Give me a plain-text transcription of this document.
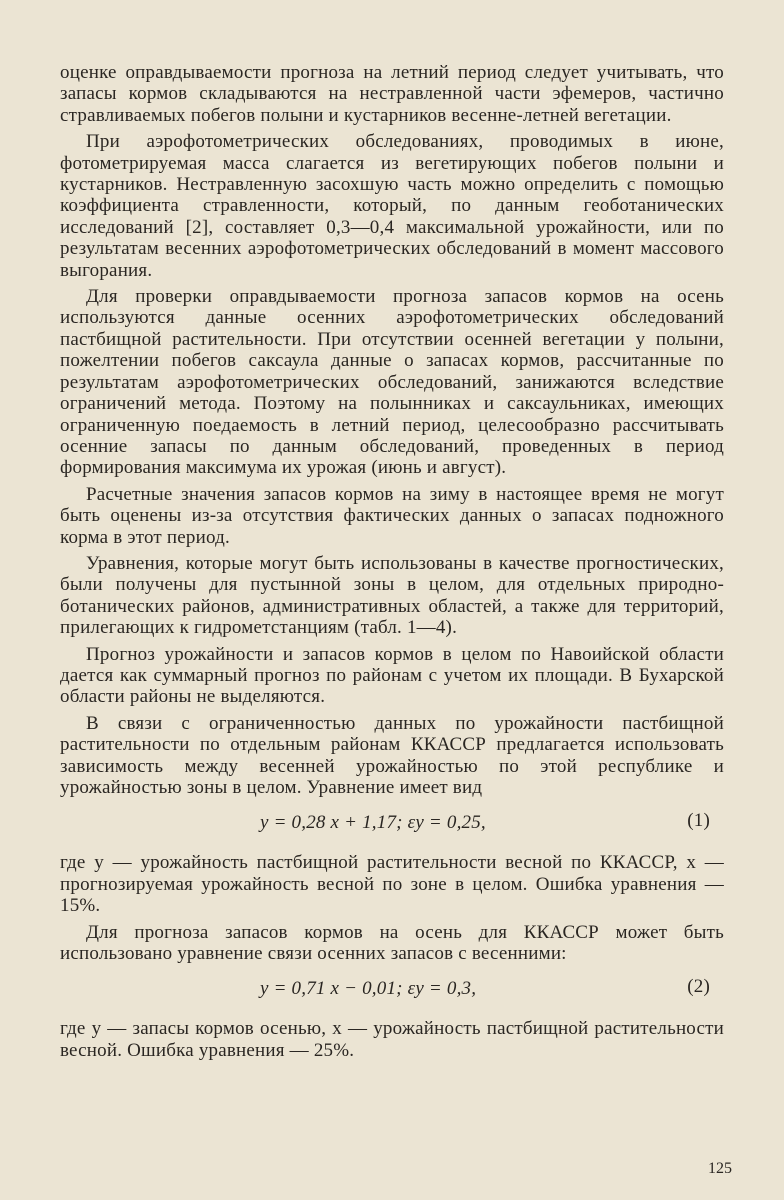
оценке оправдываемости прогноза на летний период следует учитывать, что запасы кормов складываются на нестравленной части эфемеров, частично стравливаемых побегов полыни и кустарников весенне-летней вегетации.

При аэрофотометрических обследованиях, проводимых в июне, фотометрируемая масса слагается из вегетирующих побегов полыни и кустарников. Нестравленную засохшую часть можно определить с помощью коэффициента стравленности, который, по данным геоботанических исследований [2], составляет 0,3—0,4 максимальной урожайности, или по результатам весенних аэрофотометрических обследований в момент массового выгорания.

Для проверки оправдываемости прогноза запасов кормов на осень используются данные осенних аэрофотометрических обследований пастбищной растительности. При отсутствии осенней вегетации у полыни, пожелтении побегов саксаула данные о запасах кормов, рассчитанные по результатам аэрофотометрических обследований, занижаются вследствие ограничений метода. Поэтому на полынниках и саксаульниках, имеющих ограниченную поедаемость в летний период, целесообразно рассчитывать осенние запасы по данным обследований, проведенных в период формирования максимума их урожая (июнь и август).

Расчетные значения запасов кормов на зиму в настоящее время не могут быть оценены из-за отсутствия фактических данных о запасах подножного корма в этот период.

Уравнения, которые могут быть использованы в качестве прогностических, были получены для пустынной зоны в целом, для отдельных природно-ботанических районов, административных областей, а также для территорий, прилегающих к гидрометстанциям (табл. 1—4).

Прогноз урожайности и запасов кормов в целом по Навоийской области дается как суммарный прогноз по районам с учетом их площади. В Бухарской области районы не выделяются.

В связи с ограниченностью данных по урожайности пастбищной растительности по отдельным районам ККАССР предлагается использовать зависимость между весенней урожайностью по этой республике и урожайностью зоны в целом. Уравнение имеет вид

y = 0,28 x + 1,17; εy = 0,25,	(1)

где y — урожайность пастбищной растительности весной по ККАССР, x — прогнозируемая урожайность весной по зоне в целом. Ошибка уравнения — 15%.

Для прогноза запасов кормов на осень для ККАССР может быть использовано уравнение связи осенних запасов с весенними:

y = 0,71 x − 0,01; εy = 0,3,	(2)

где y — запасы кормов осенью, x — урожайность пастбищной растительности весной. Ошибка уравнения — 25%.

125
